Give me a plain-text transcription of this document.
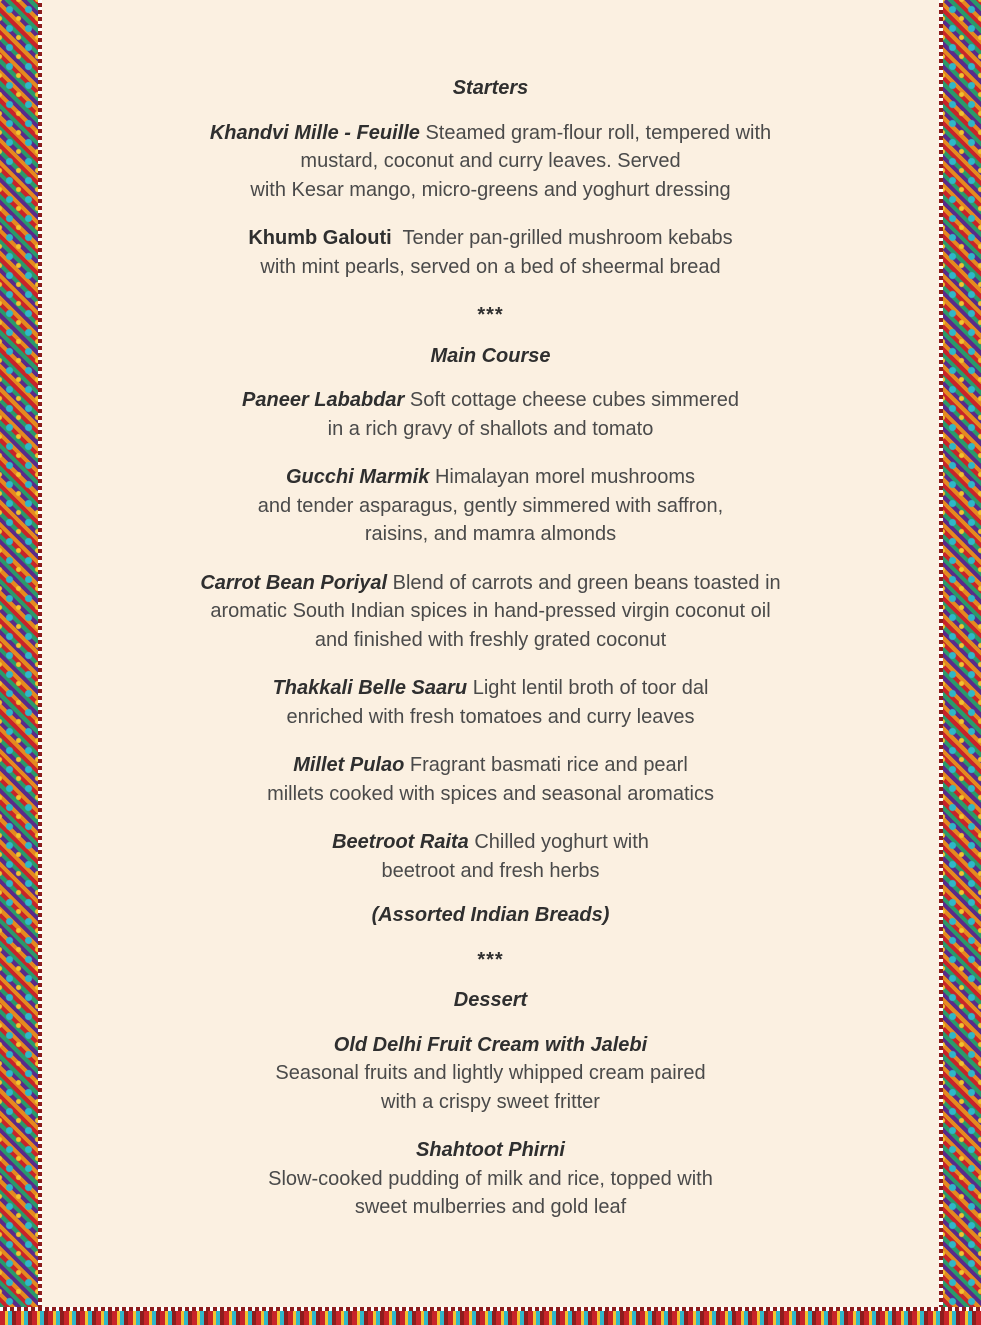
Starters
Khandvi Mille - Feuille Steamed gram-flour roll, tempered with
mustard, coconut and curry leaves. Served
with Kesar mango, micro-greens and yoghurt dressing
Khumb Galouti Tender pan-grilled mushroom kebabs
with mint pearls, served on a bed of sheermal bread
***
Main Course
Paneer Lababdar Soft cottage cheese cubes simmered
in a rich gravy of shallots and tomato
Gucchi Marmik Himalayan morel mushrooms
and tender asparagus, gently simmered with saffron,
raisins, and mamra almonds
Carrot Bean Poriyal Blend of carrots and green beans toasted in
aromatic South Indian spices in hand-pressed virgin coconut oil
and finished with freshly grated coconut
Thakkali Belle Saaru Light lentil broth of toor dal
enriched with fresh tomatoes and curry leaves
Millet Pulao Fragrant basmati rice and pearl
millets cooked with spices and seasonal aromatics
Beetroot Raita Chilled yoghurt with
beetroot and fresh herbs
(Assorted Indian Breads)
***
Dessert
Old Delhi Fruit Cream with Jalebi
Seasonal fruits and lightly whipped cream paired
with a crispy sweet fritter
Shahtoot Phirni
Slow-cooked pudding of milk and rice, topped with
sweet mulberries and gold leaf
